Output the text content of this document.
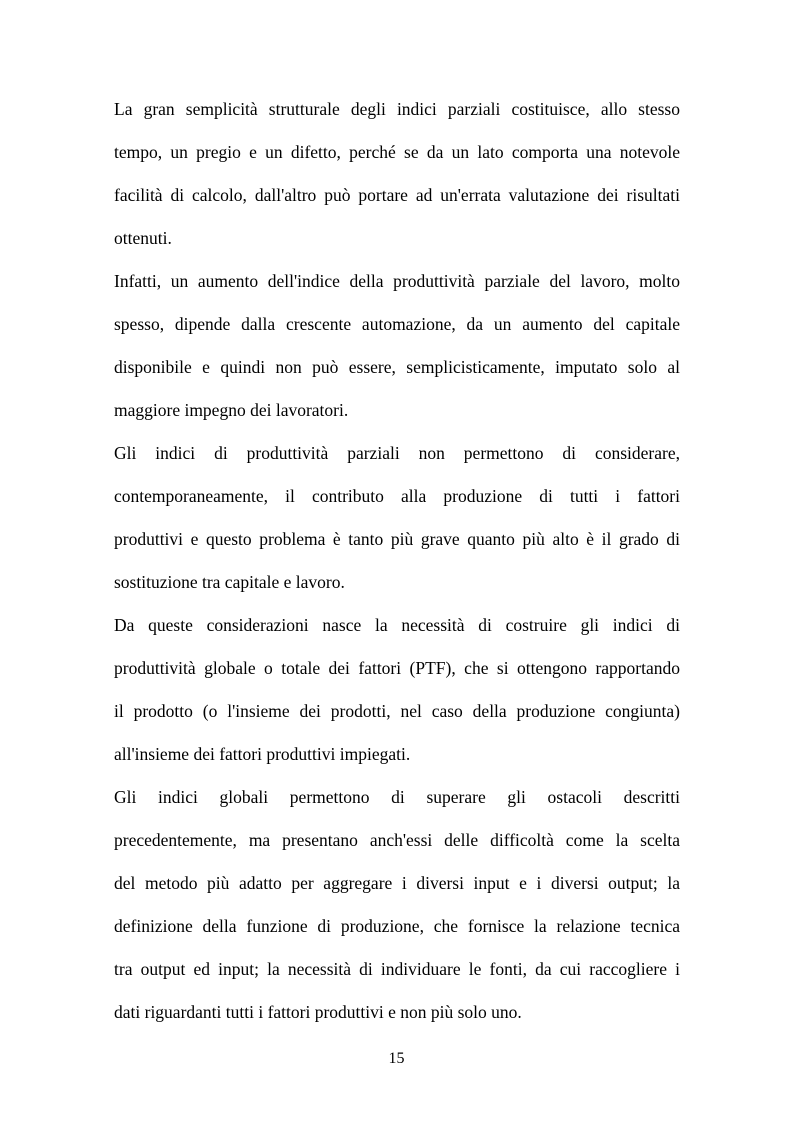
La gran semplicità strutturale degli indici parziali costituisce, allo stesso
tempo, un pregio e un difetto, perché se da un lato comporta una notevole
facilità di calcolo, dall'altro può portare ad un'errata valutazione dei risultati
ottenuti.
Infatti, un aumento dell'indice della produttività parziale del lavoro, molto
spesso, dipende dalla crescente automazione, da un aumento del capitale
disponibile e quindi non può essere, semplicisticamente, imputato solo al
maggiore impegno dei lavoratori.
Gli indici di produttività parziali non permettono di considerare,
contemporaneamente, il contributo alla produzione di tutti i fattori
produttivi e questo problema è tanto più grave quanto più alto è il grado di
sostituzione tra capitale e lavoro.
Da queste considerazioni nasce la necessità di costruire gli indici di
produttività globale o totale dei fattori (PTF), che si ottengono rapportando
il prodotto (o l'insieme dei prodotti, nel caso della produzione congiunta)
all'insieme dei fattori produttivi impiegati.
Gli indici globali permettono di superare gli ostacoli descritti
precedentemente, ma presentano anch'essi delle difficoltà come la scelta
del metodo più adatto per aggregare i diversi input e i diversi output; la
definizione della funzione di produzione, che fornisce la relazione tecnica
tra output ed input; la necessità di individuare le fonti, da cui raccogliere i
dati riguardanti tutti i fattori produttivi e non più solo uno.
15
